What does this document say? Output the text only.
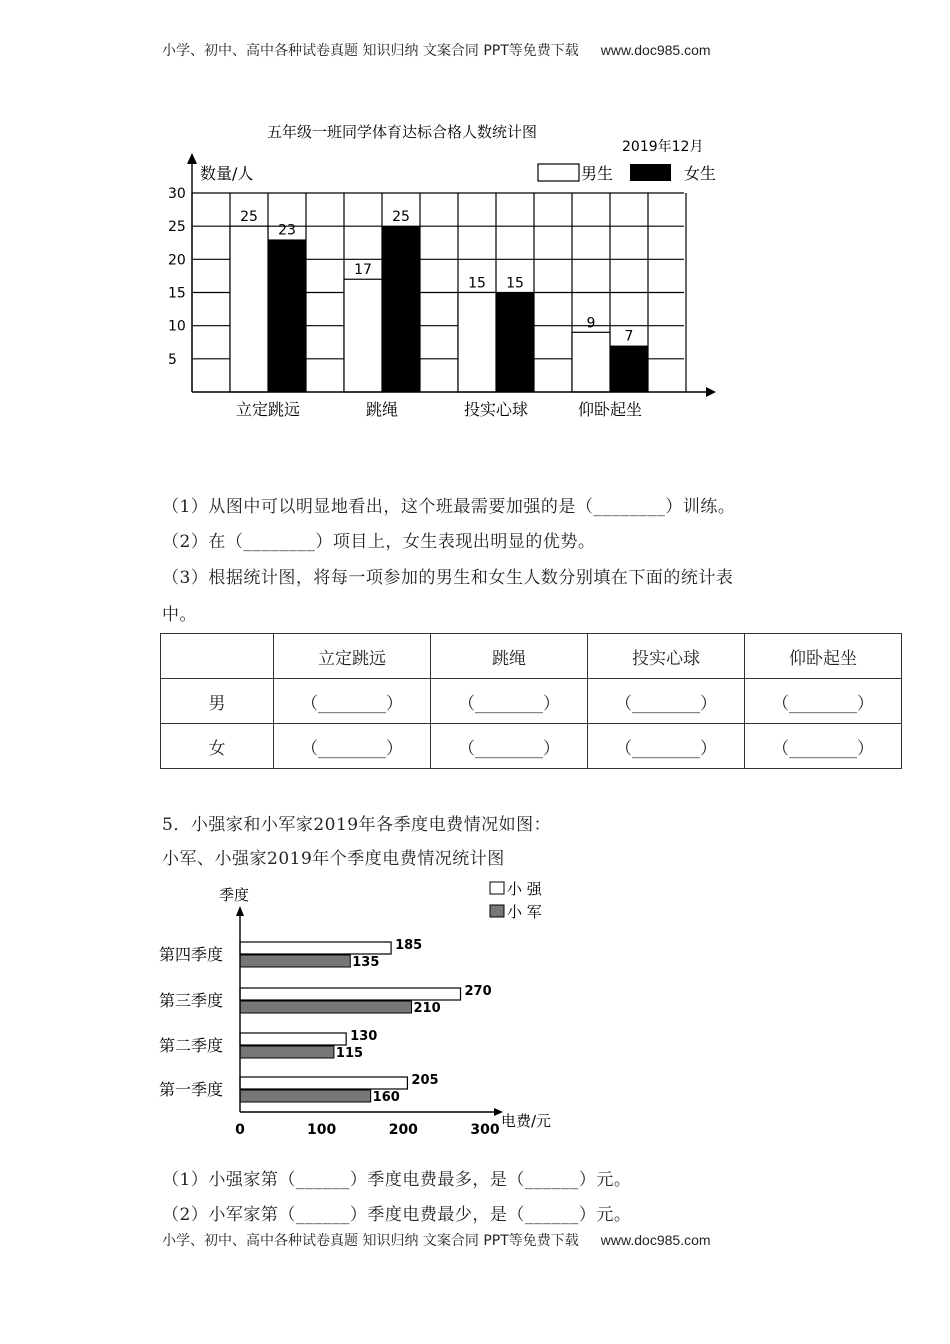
小学、初中、高中各种试卷真题 知识归纳 文案合同 PPT等免费下载 www.doc985.com
五年级一班同学体育达标合格人数统计图
2019年12月
数量/人	男生	女生
25
23
17
25
15 15
9
7
5
10
15
20
25
30
立定跳远	跳绳	投实心球	仰卧起坐
（1）从图中可以明显地看出，这个班最需要加强的是（________）训练。
（2）在（________）项目上，女生表现出明显的优势。
（3）根据统计图，将每一项参加的男生和女生人数分别填在下面的统计表
中。
	立定跳远	跳绳	投实心球	仰卧起坐
男	（________）	（________）	（________）	（________）
女	（________）	（________）	（________）	（________）
5．小强家和小军家2019年各季度电费情况如图：
小军、小强家2019年个季度电费情况统计图
季度	小 强
小 军
电费/元
185
135
270
210
130
115
205
160
第四季度
第三季度
第二季度
第一季度
0	100	200	300
（1）小强家第（______）季度电费最多，是（______）元。
（2）小军家第（______）季度电费最少，是（______）元。
小学、初中、高中各种试卷真题 知识归纳 文案合同 PPT等免费下载 www.doc985.com
